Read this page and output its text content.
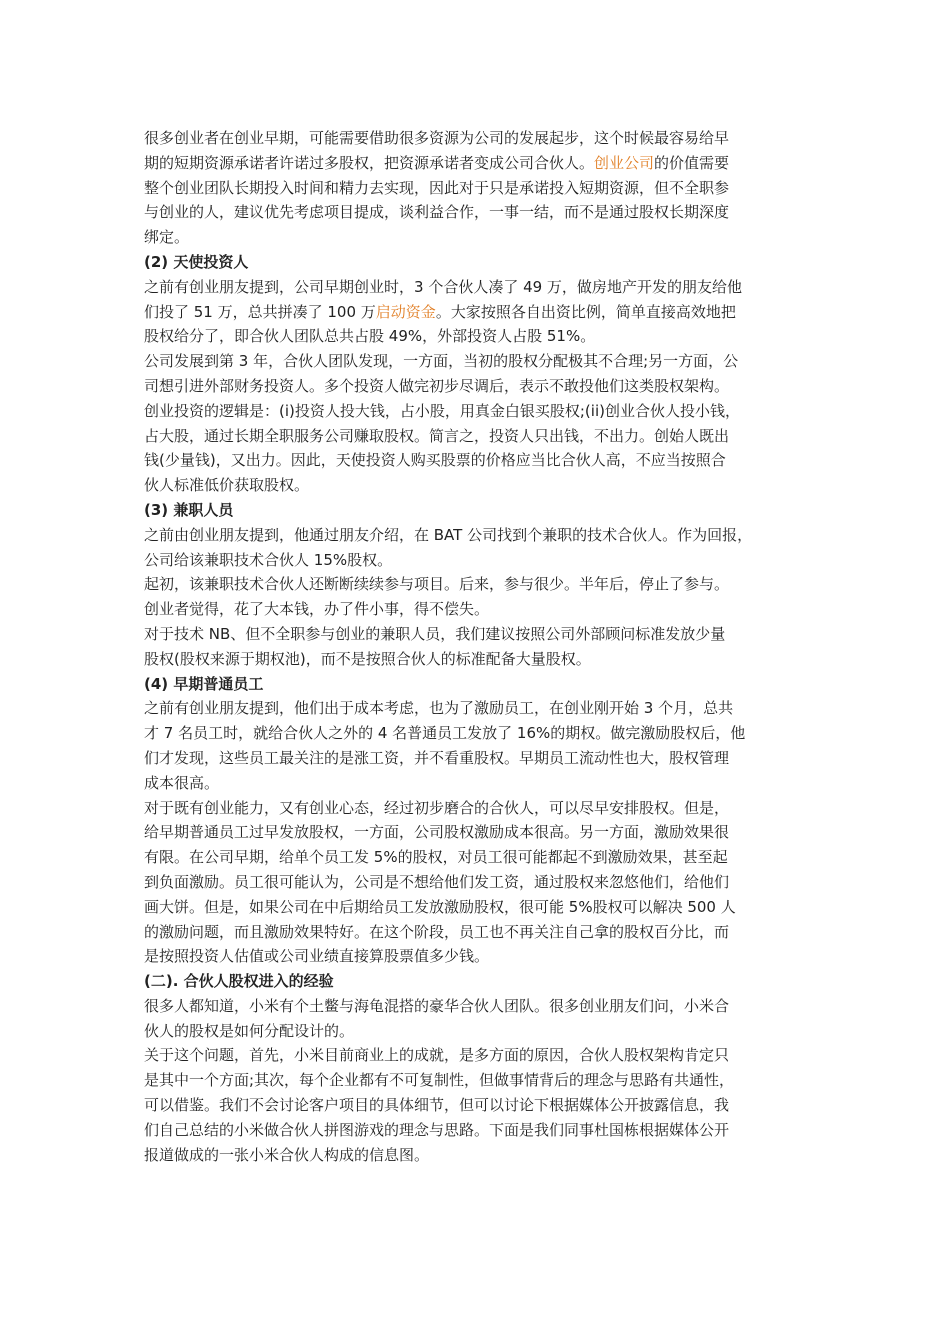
很多创业者在创业早期，可能需要借助很多资源为公司的发展起步，这个时候最容易给早
期的短期资源承诺者许诺过多股权，把资源承诺者变成公司合伙人。创业公司的价值需要
整个创业团队长期投入时间和精力去实现，因此对于只是承诺投入短期资源，但不全职参
与创业的人，建议优先考虑项目提成，谈利益合作，一事一结，而不是通过股权长期深度
绑定。
(2) 天使投资人
之前有创业朋友提到，公司早期创业时，3 个合伙人凑了 49 万，做房地产开发的朋友给他
们投了 51 万，总共拼凑了 100 万启动资金。大家按照各自出资比例，简单直接高效地把
股权给分了，即合伙人团队总共占股 49%，外部投资人占股 51%。
公司发展到第 3 年，合伙人团队发现，一方面，当初的股权分配极其不合理;另一方面，公
司想引进外部财务投资人。多个投资人做完初步尽调后，表示不敢投他们这类股权架构。
创业投资的逻辑是：(i)投资人投大钱，占小股，用真金白银买股权;(ii)创业合伙人投小钱，
占大股，通过长期全职服务公司赚取股权。简言之，投资人只出钱，不出力。创始人既出
钱(少量钱)，又出力。因此，天使投资人购买股票的价格应当比合伙人高，不应当按照合
伙人标准低价获取股权。
(3) 兼职人员
之前由创业朋友提到，他通过朋友介绍，在 BAT 公司找到个兼职的技术合伙人。作为回报，
公司给该兼职技术合伙人 15%股权。
起初，该兼职技术合伙人还断断续续参与项目。后来，参与很少。半年后，停止了参与。
创业者觉得，花了大本钱，办了件小事，得不偿失。
对于技术 NB、但不全职参与创业的兼职人员，我们建议按照公司外部顾问标准发放少量
股权(股权来源于期权池)，而不是按照合伙人的标准配备大量股权。
(4) 早期普通员工
之前有创业朋友提到，他们出于成本考虑，也为了激励员工，在创业刚开始 3 个月，总共
才 7 名员工时，就给合伙人之外的 4 名普通员工发放了 16%的期权。做完激励股权后，他
们才发现，这些员工最关注的是涨工资，并不看重股权。早期员工流动性也大，股权管理
成本很高。
对于既有创业能力，又有创业心态，经过初步磨合的合伙人，可以尽早安排股权。但是，
给早期普通员工过早发放股权，一方面，公司股权激励成本很高。另一方面，激励效果很
有限。在公司早期，给单个员工发 5%的股权，对员工很可能都起不到激励效果，甚至起
到负面激励。员工很可能认为，公司是不想给他们发工资，通过股权来忽悠他们，给他们
画大饼。但是，如果公司在中后期给员工发放激励股权，很可能 5%股权可以解决 500 人
的激励问题，而且激励效果特好。在这个阶段，员工也不再关注自己拿的股权百分比，而
是按照投资人估值或公司业绩直接算股票值多少钱。
(二). 合伙人股权进入的经验
很多人都知道，小米有个土鳖与海龟混搭的豪华合伙人团队。很多创业朋友们问，小米合
伙人的股权是如何分配设计的。
关于这个问题，首先，小米目前商业上的成就，是多方面的原因，合伙人股权架构肯定只
是其中一个方面;其次，每个企业都有不可复制性，但做事情背后的理念与思路有共通性，
可以借鉴。我们不会讨论客户项目的具体细节，但可以讨论下根据媒体公开披露信息，我
们自己总结的小米做合伙人拼图游戏的理念与思路。下面是我们同事杜国栋根据媒体公开
报道做成的一张小米合伙人构成的信息图。
